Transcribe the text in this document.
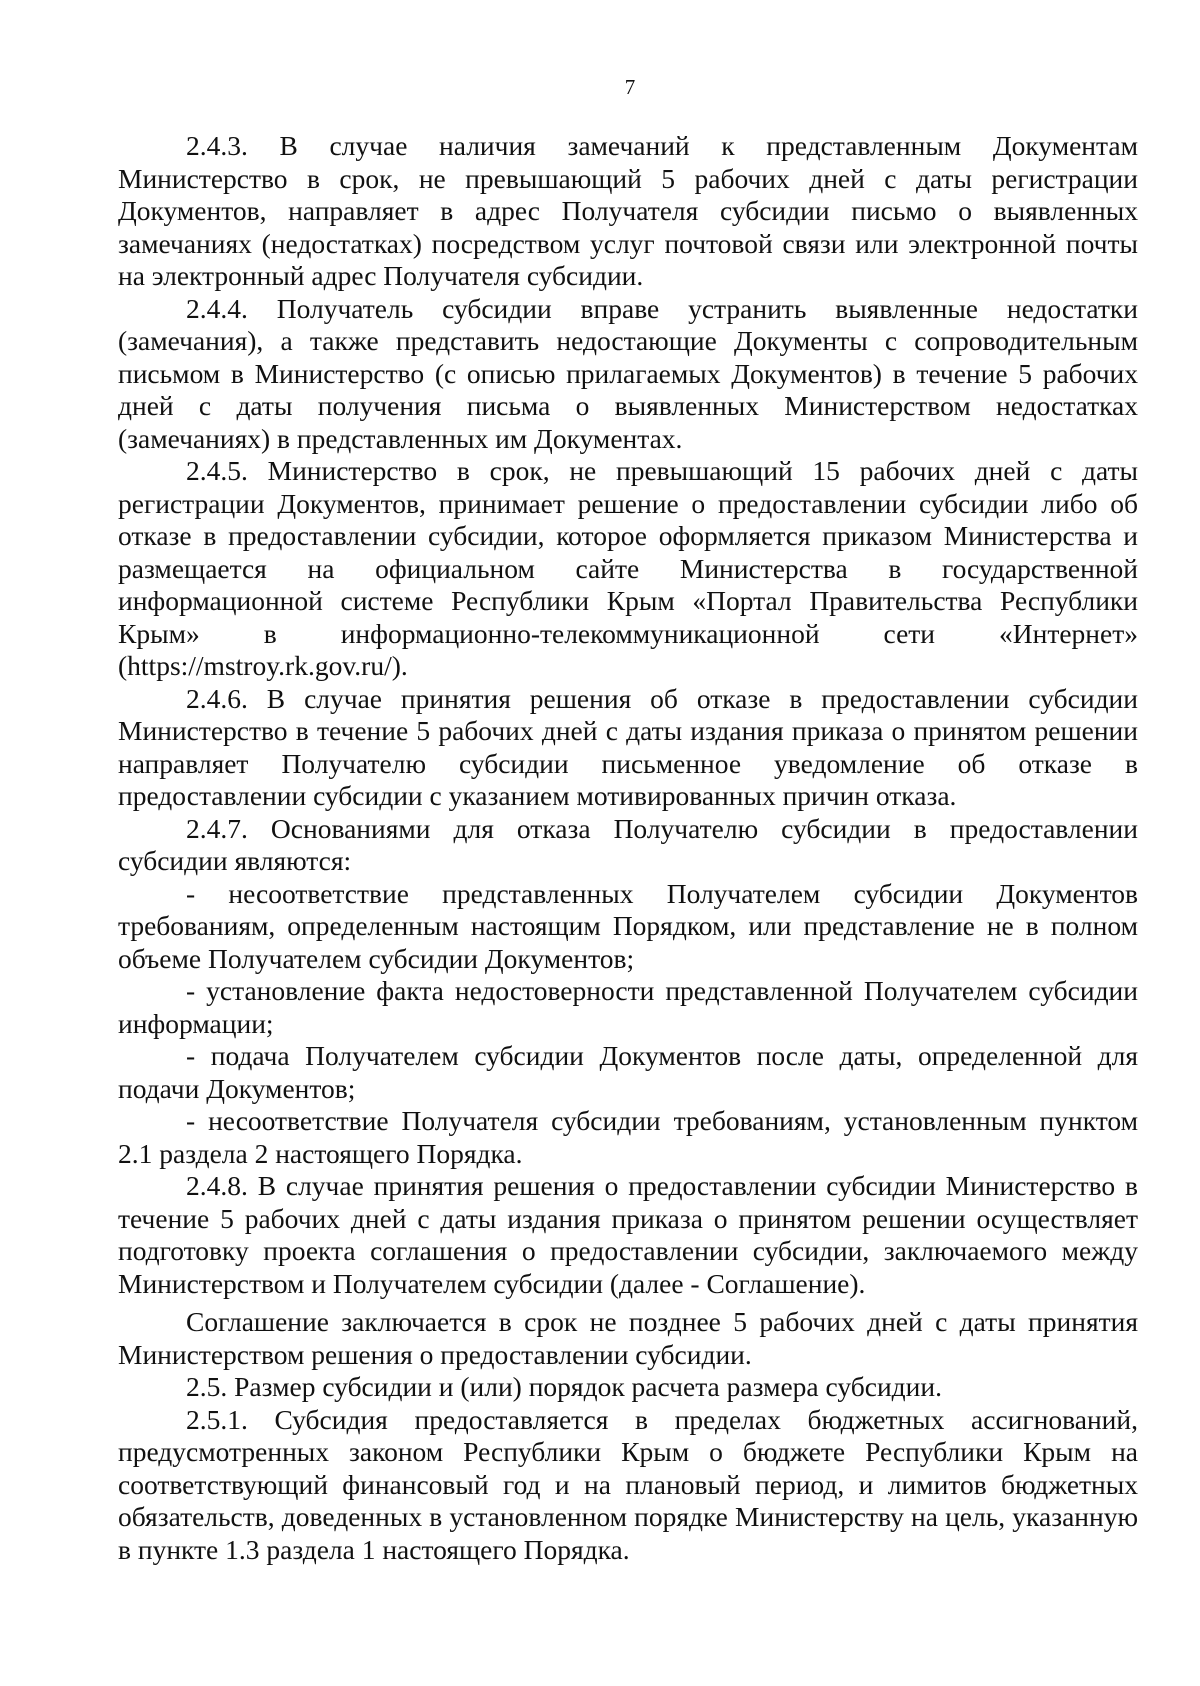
7

2.4.3. В случае наличия замечаний к представленным Документам Министерство в срок, не превышающий 5 рабочих дней с даты регистрации Документов, направляет в адрес Получателя субсидии письмо о выявленных замечаниях (недостатках) посредством услуг почтовой связи или электронной почты на электронный адрес Получателя субсидии.

2.4.4. Получатель субсидии вправе устранить выявленные недостатки (замечания), а также представить недостающие Документы с сопроводительным письмом в Министерство (с описью прилагаемых Документов) в течение 5 рабочих дней с даты получения письма о выявленных Министерством недостатках (замечаниях) в представленных им Документах.

2.4.5. Министерство в срок, не превышающий 15 рабочих дней с даты регистрации Документов, принимает решение о предоставлении субсидии либо об отказе в предоставлении субсидии, которое оформляется приказом Министерства и размещается на официальном сайте Министерства в государственной информационной системе Республики Крым «Портал Правительства Республики Крым» в информационно-телекоммуникационной сети «Интернет» (https://mstroy.rk.gov.ru/).

2.4.6. В случае принятия решения об отказе в предоставлении субсидии Министерство в течение 5 рабочих дней с даты издания приказа о принятом решении направляет Получателю субсидии письменное уведомление об отказе в предоставлении субсидии с указанием мотивированных причин отказа.

2.4.7. Основаниями для отказа Получателю субсидии в предоставлении субсидии являются:

- несоответствие представленных Получателем субсидии Документов требованиям, определенным настоящим Порядком, или представление не в полном объеме Получателем субсидии Документов;

- установление факта недостоверности представленной Получателем субсидии информации;

- подача Получателем субсидии Документов после даты, определенной для подачи Документов;

- несоответствие Получателя субсидии требованиям, установленным пунктом 2.1 раздела 2 настоящего Порядка.

2.4.8. В случае принятия решения о предоставлении субсидии Министерство в течение 5 рабочих дней с даты издания приказа о принятом решении осуществляет подготовку проекта соглашения о предоставлении субсидии, заключаемого между Министерством и Получателем субсидии (далее - Соглашение).

Соглашение заключается в срок не позднее 5 рабочих дней с даты принятия Министерством решения о предоставлении субсидии.

2.5. Размер субсидии и (или) порядок расчета размера субсидии.

2.5.1. Субсидия предоставляется в пределах бюджетных ассигнований, предусмотренных законом Республики Крым о бюджете Республики Крым на соответствующий финансовый год и на плановый период, и лимитов бюджетных обязательств, доведенных в установленном порядке Министерству на цель, указанную в пункте 1.3 раздела 1 настоящего Порядка.
